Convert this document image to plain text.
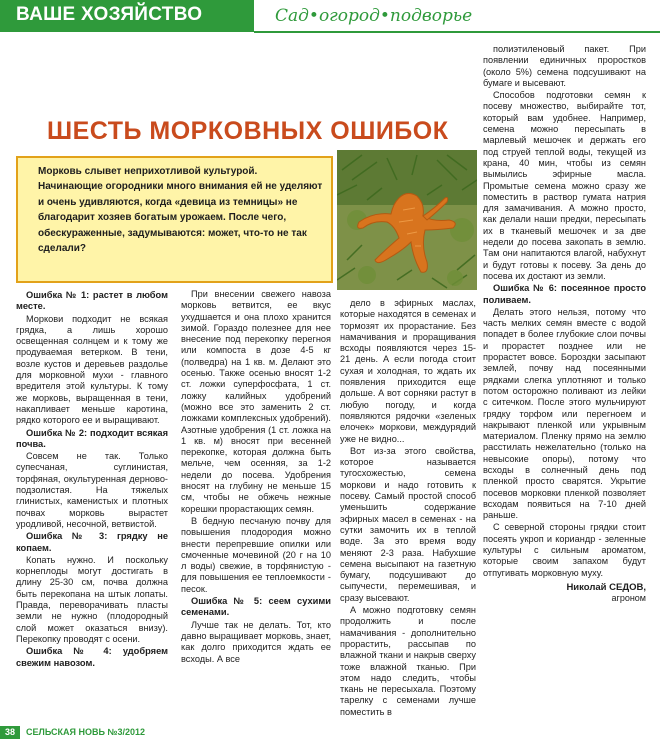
ВАШЕ ХОЗЯЙСТВО	Сад•огород•подворье
ШЕСТЬ МОРКОВНЫХ ОШИБОК

Морковь слывет неприхотливой культурой. Начинающие огородники много внимания ей не уделяют и очень удивляются, когда «девица из темницы» не благодарит хозяев богатым урожаем. После чего, обескураженные, задумываются: может, что-то не так сделали?

Ошибка № 1: растет в любом месте.

Моркови подходит не всякая грядка, а лишь хорошо освещенная солнцем и к тому же продуваемая ветерком. В тени, возле кустов и деревьев раздолье для морковной мухи - главного вредителя этой культуры. К тому же морковь, выращенная в тени, накапливает меньше каротина, рядко которого ее и выращивают.

Ошибка № 2: подходит всякая почва.

Совсем не так. Только супесчаная, суглинистая, торфяная, окультуренная дерново-подзолистая. На тяжелых глинистых, каменистых и плотных почвах морковь вырастет уродливой, несочной, ветвистой.

Ошибка № 3: грядку не копаем.

Копать нужно. И поскольку корнеплоды могут достигать в длину 25-30 см, почва должна быть перекопана на штык лопаты. Правда, переворачивать пласты земли не нужно (плодородный слой может оказаться внизу). Перекопку проводят с осени.

Ошибка № 4: удобряем свежим навозом.

При внесении свежего навоза морковь ветвится, ее вкус ухудшается и она плохо хранится зимой. Гораздо полезнее для нее внесение под перекопку перегноя или компоста в дозе 4-5 кг (полведра) на 1 кв. м. Делают это осенью. Также осенью вносят 1-2 ст. ложки суперфосфата, 1 ст. ложку калийных удобрений (можно все это заменить 2 ст. ложками комплексных удобрений). Азотные удобрения (1 ст. ложка на 1 кв. м) вносят при весенней перекопке, которая должна быть мельче, чем осенняя, за 1-2 недели до посева. Удобрения вносят на глубину не меньше 15 см, чтобы не обжечь нежные корешки прорастающих семян.

В бедную песчаную почву для повышения плодородия можно внести перепревшие опилки или смоченные мочевиной (20 г на 10 л воды) свежие, в торфянистую - для повышения ее теплоемкости - песок.

Ошибка № 5: сеем сухими семенами.

Лучше так не делать. Тот, кто давно выращивает морковь, знает, как долго приходится ждать ее всходы. А все

дело в эфирных маслах, которые находятся в семенах и тормозят их прорастание. Без намачивания и проращивания всходы появляются через 15-21 день. А если погода стоит сухая и холодная, то ждать их появления приходится еще дольше. А вот сорняки растут в любую погоду, и когда появляются рядочки «зеленых елочек» моркови, междурядий уже не видно...

Вот из-за этого свойства, которое называется тугосхожестью, семена моркови и надо готовить к посеву. Самый простой способ уменьшить содержание эфирных масел в семенах - на сутки замочить их в теплой воде. За это время воду меняют 2-3 раза. Набухшие семена высыпают на газетную бумагу, подсушивают до сыпучести, перемешивая, и сразу высевают.

А можно подготовку семян продолжить и после намачивания - дополнительно прорастить, рассыпав по влажной ткани и накрыв сверху тоже влажной тканью. При этом надо следить, чтобы ткань не пересыхала. Поэтому тарелку с семенами лучше поместить в

полиэтиленовый пакет. При появлении единичных проростков (около 5%) семена подсушивают на бумаге и высевают.

Способов подготовки семян к посеву множество, выбирайте тот, который вам удобнее. Например, семена можно пересыпать в марлевый мешочек и держать его под струей теплой воды, текущей из крана, 40 мин, чтобы из семян вымылись эфирные масла. Промытые семена можно сразу же поместить в раствор гумата натрия для замачивания. А можно просто, как делали наши предки, пересыпать их в тканевый мешочек и за две недели до посева закопать в землю. Там они напитаются влагой, набухнут и будут готовы к посеву. За день до посева их достают из земли.

Ошибка № 6: посеянное просто поливаем.

Делать этого нельзя, потому что часть мелких семян вместе с водой попадет в более глубокие слои почвы и прорастет позднее или не прорастет вовсе. Бороздки засыпают землей, почву над посеянными рядками слегка уплотняют и только потом осторожно поливают из лейки с ситечком. После этого мульчируют грядку торфом или перегноем и накрывают пленкой или укрывным материалом. Пленку прямо на землю расстилать нежелательно (только на невысокие опоры), потому что всходы в солнечный день под пленкой просто сварятся. Укрытие посевов морковки пленкой позволяет всходам появиться на 7-10 дней раньше.

С северной стороны грядки стоит посеять укроп и кориандр - зеленные культуры с сильным ароматом, которые своим запахом будут отпугивать морковную муху.

Николай СЕДОВ,
агроном
38	СЕЛЬСКАЯ НОВЬ №3/2012
